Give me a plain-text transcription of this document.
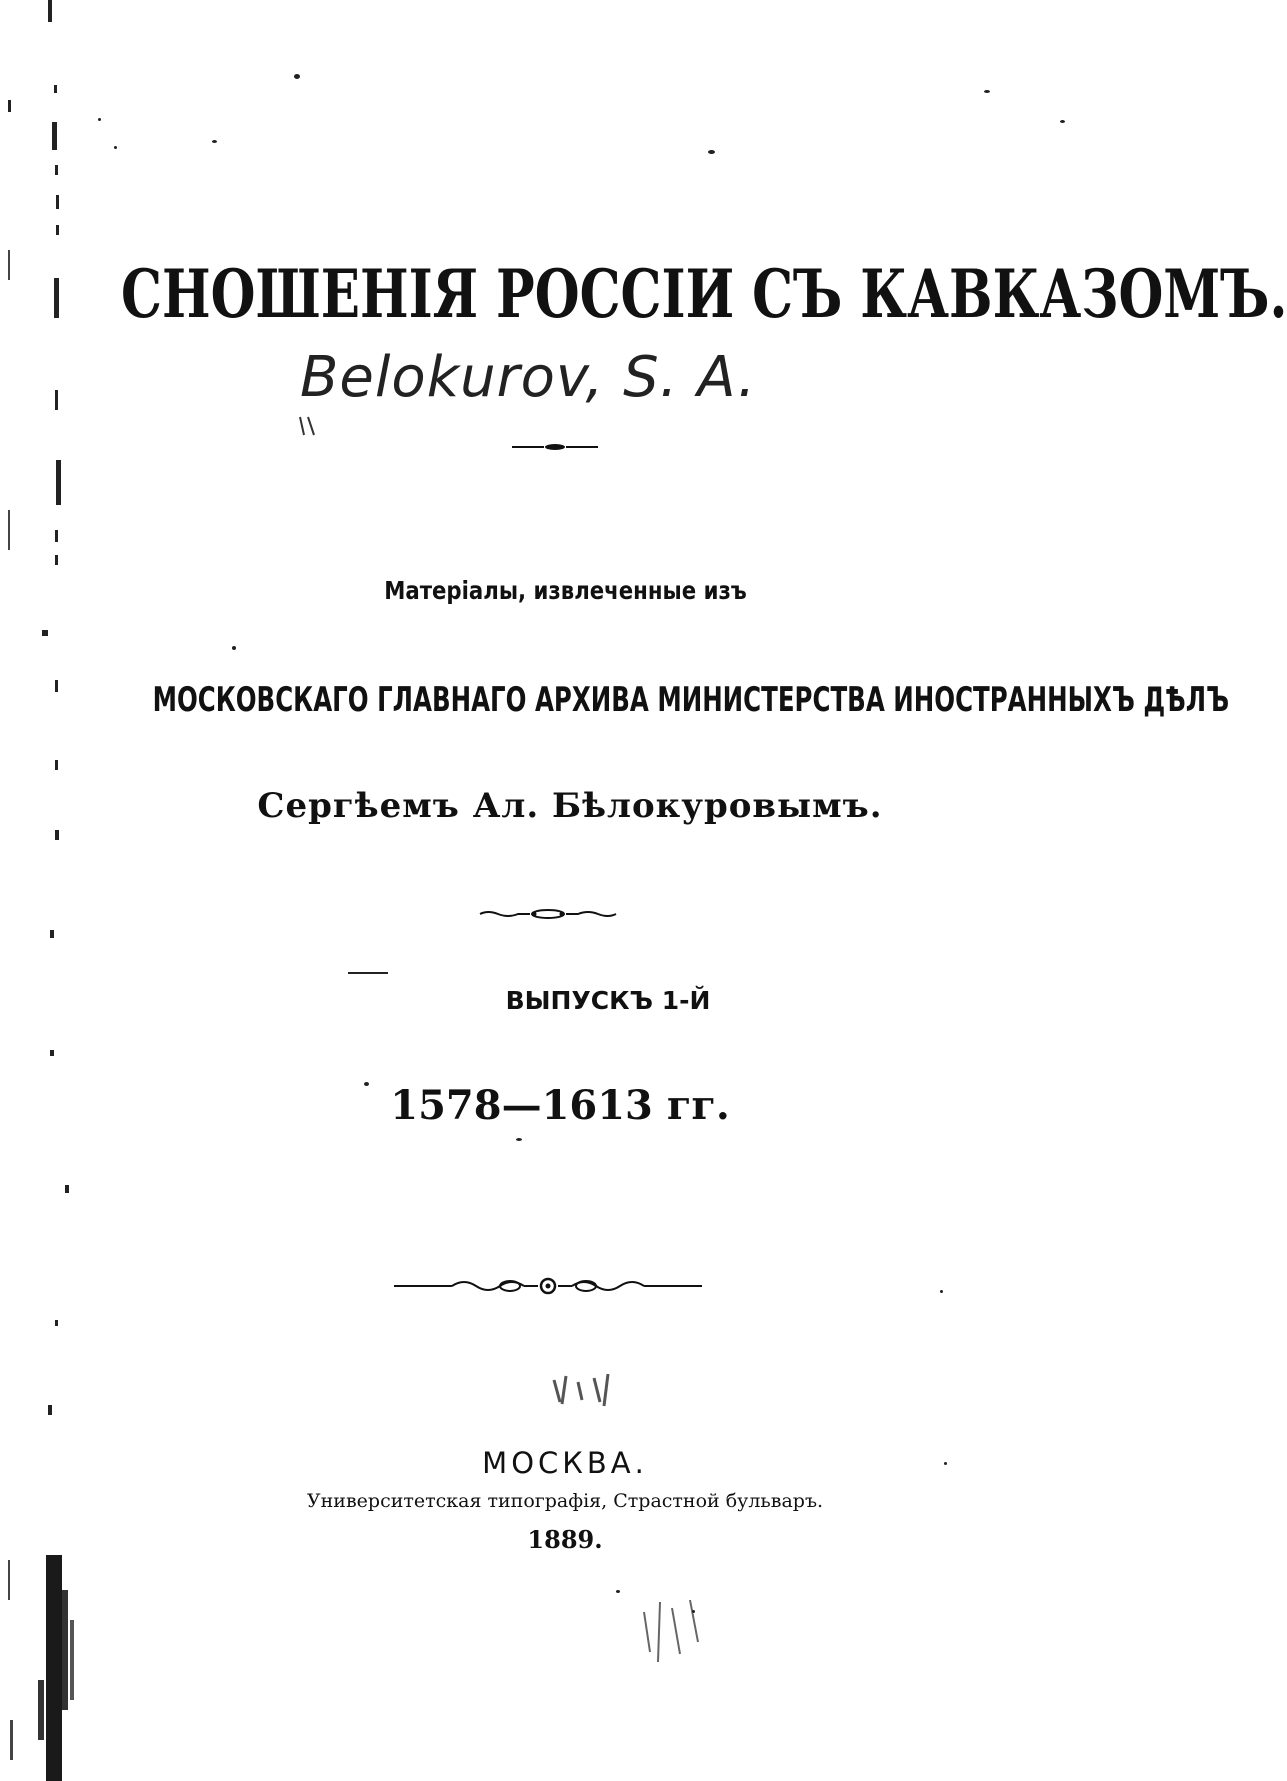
СНОШЕНIЯ РОССIИ СЪ КАВКАЗОМЪ.
Belokurov, S. A.
Матерiалы, извлеченные изъ
МОСКОВСКАГО ГЛАВНАГО АРХИВА МИНИСТЕРСТВА ИНОСТРАННЫХЪ ДѢЛЪ
Сергѣемъ Ал. Бѣлокуровымъ.
ВЫПУСКЪ 1-Й
1578—1613 гг.
МОСКВА.
Университетская типографiя, Страстной бульваръ.
1889.
